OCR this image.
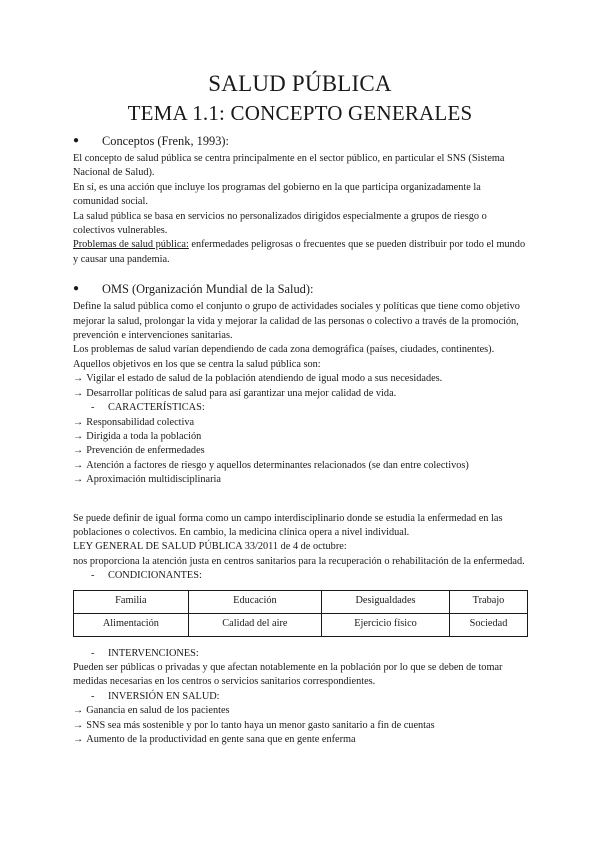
SALUD PÚBLICA
TEMA 1.1: CONCEPTO GENERALES
● Conceptos (Frenk, 1993):

El concepto de salud pública se centra principalmente en el sector público, en particular el SNS (Sistema Nacional de Salud).

En sí, es una acción que incluye los programas del gobierno en la que participa organizadamente la comunidad social.

La salud pública se basa en servicios no personalizados dirigidos especialmente a grupos de riesgo o colectivos vulnerables.

Problemas de salud pública: enfermedades peligrosas o frecuentes que se pueden distribuir por todo el mundo y causar una pandemia.

● OMS (Organización Mundial de la Salud):

Define la salud pública como el conjunto o grupo de actividades sociales y políticas que tiene como objetivo mejorar la salud, prolongar la vida y mejorar la calidad de las personas o colectivo a través de la promoción, prevención e intervenciones sanitarias.

Los problemas de salud varían dependiendo de cada zona demográfica (países, ciudades, continentes).

Aquellos objetivos en los que se centra la salud pública son:

→ Vigilar el estado de salud de la población atendiendo de igual modo a sus necesidades.

→ Desarrollar políticas de salud para así garantizar una mejor calidad de vida.

- CARACTERÍSTICAS:

→ Responsabilidad colectiva

→ Dirigida a toda la población

→ Prevención de enfermedades

→ Atención a factores de riesgo y aquellos determinantes relacionados (se dan entre colectivos)

→ Aproximación multidisciplinaria

Se puede definir de igual forma como un campo interdisciplinario donde se estudia la enfermedad en las poblaciones o colectivos. En cambio, la medicina clínica opera a nivel individual.

LEY GENERAL DE SALUD PÚBLICA 33/2011 de 4 de octubre:

nos proporciona la atención justa en centros sanitarios para la recuperación o rehabilitación de la enfermedad.

- CONDICIONANTES:

Familia	Educación	Desigualdades	Trabajo
Alimentación	Calidad del aire	Ejercicio físico	Sociedad

- INTERVENCIONES:

Pueden ser públicas o privadas y que afectan notablemente en la población por lo que se deben de tomar medidas necesarias en los centros o servicios sanitarios correspondientes.

- INVERSIÓN EN SALUD:

→ Ganancia en salud de los pacientes

→ SNS sea más sostenible y por lo tanto haya un menor gasto sanitario a fin de cuentas

→ Aumento de la productividad en gente sana que en gente enferma
